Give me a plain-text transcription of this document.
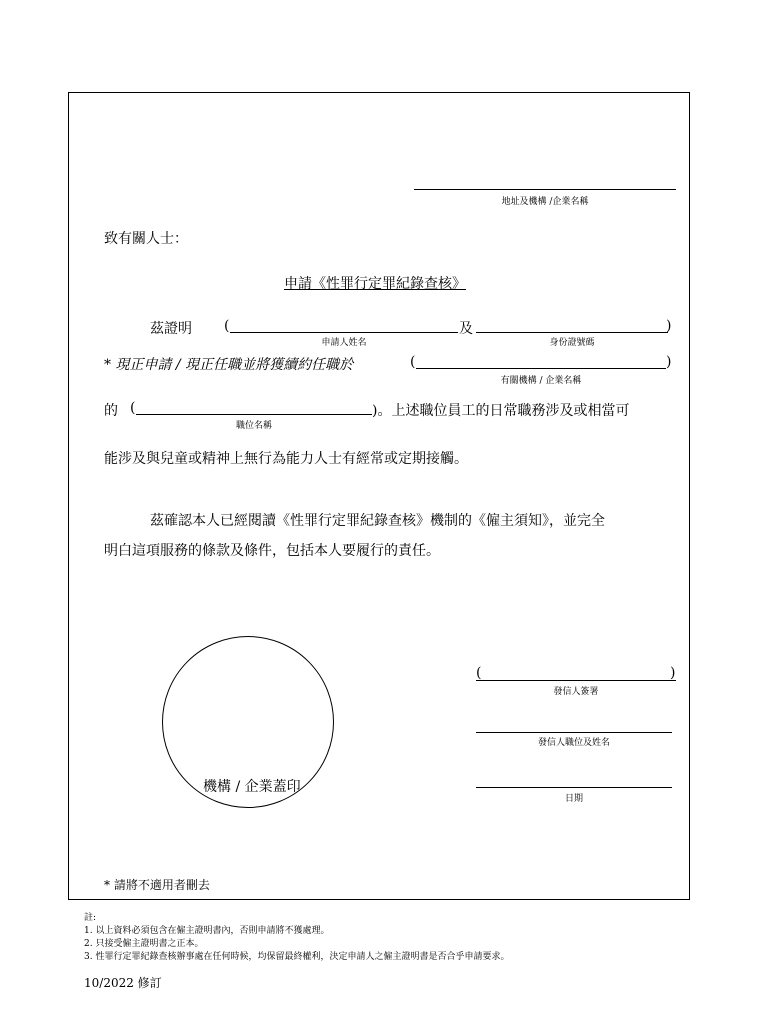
地址及機構 /企業名稱
致有關人士：
申請《性罪行定罪紀錄查核》
茲證明 (	及	)
申請人姓名	身份證號碼
* 現正申請 / 現正任職並將獲續約任職於	(	)
有關機構 / 企業名稱
的 (	)。上述職位員工的日常職務涉及或相當可
職位名稱
能涉及與兒童或精神上無行為能力人士有經常或定期接觸。
茲確認本人已經閱讀《性罪行定罪紀錄查核》機制的《僱主須知》，並完全
明白這項服務的條款及條件，包括本人要履行的責任。
機構 / 企業蓋印
(	)
發信人簽署
發信人職位及姓名
日期
* 請將不適用者刪去
註:
1. 以上資料必須包含在僱主證明書內，否則申請將不獲處理。
2. 只接受僱主證明書之正本。
3. 性罪行定罪紀錄查核辦事處在任何時候，均保留最終權利，決定申請人之僱主證明書是否合乎申請要求。
10/2022 修訂
